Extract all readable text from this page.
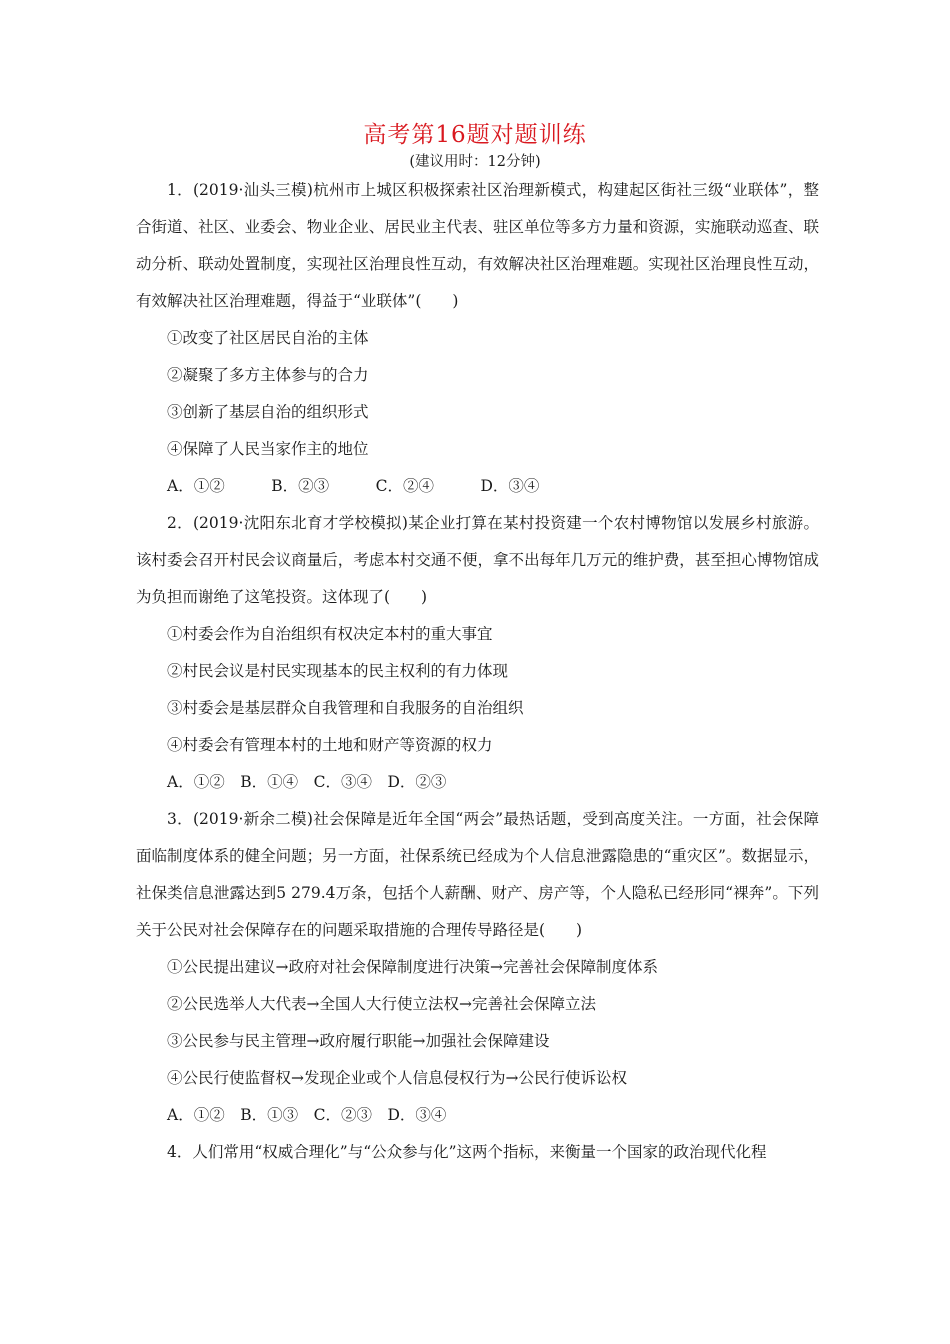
高考第16题对题训练
(建议用时：12分钟)

1．(2019·汕头三模)杭州市上城区积极探索社区治理新模式，构建起区街社三级“业联体”，整合街道、社区、业委会、物业企业、居民业主代表、驻区单位等多方力量和资源，实施联动巡查、联动分析、联动处置制度，实现社区治理良性互动，有效解决社区治理难题。实现社区治理良性互动，有效解决社区治理难题，得益于“业联体”(　　)

①改变了社区居民自治的主体

②凝聚了多方主体参与的合力

③创新了基层自治的组织形式

④保障了人民当家作主的地位

A．①②　　　B．②③　　　C．②④　　　D．③④

2．(2019·沈阳东北育才学校模拟)某企业打算在某村投资建一个农村博物馆以发展乡村旅游。该村委会召开村民会议商量后，考虑本村交通不便，拿不出每年几万元的维护费，甚至担心博物馆成为负担而谢绝了这笔投资。这体现了(　　)

①村委会作为自治组织有权决定本村的重大事宜

②村民会议是村民实现基本的民主权利的有力体现

③村委会是基层群众自我管理和自我服务的自治组织

④村委会有管理本村的土地和财产等资源的权力

A．①②　B．①④　C．③④　D．②③

3．(2019·新余二模)社会保障是近年全国“两会”最热话题，受到高度关注。一方面，社会保障面临制度体系的健全问题；另一方面，社保系统已经成为个人信息泄露隐患的“重灾区”。数据显示，社保类信息泄露达到5 279.4万条，包括个人薪酬、财产、房产等，个人隐私已经形同“裸奔”。下列关于公民对社会保障存在的问题采取措施的合理传导路径是(　　)

①公民提出建议→政府对社会保障制度进行决策→完善社会保障制度体系

②公民选举人大代表→全国人大行使立法权→完善社会保障立法

③公民参与民主管理→政府履行职能→加强社会保障建设

④公民行使监督权→发现企业或个人信息侵权行为→公民行使诉讼权

A．①②　B．①③　C．②③　D．③④

4．人们常用“权威合理化”与“公众参与化”这两个指标，来衡量一个国家的政治现代化程
